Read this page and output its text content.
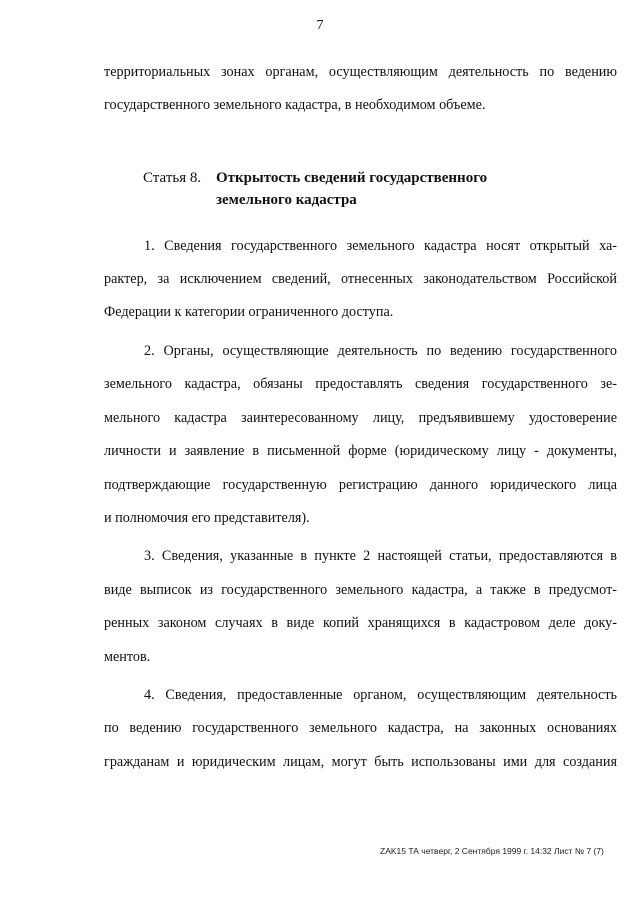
7
территориальных зонах органам, осуществляющим деятельность по ведению
государственного земельного кадастра, в необходимом объеме.
Статья 8. Открытость сведений государственного
земельного кадастра
1. Сведения государственного земельного кадастра носят открытый ха-
рактер, за исключением сведений, отнесенных законодательством Российской
Федерации к категории ограниченного доступа.
2. Органы, осуществляющие деятельность по ведению государственного
земельного кадастра, обязаны предоставлять сведения государственного зе-
мельного кадастра заинтересованному лицу, предъявившему удостоверение
личности и заявление в письменной форме (юридическому лицу - документы,
подтверждающие государственную регистрацию данного юридического лица
и полномочия его представителя).
3. Сведения, указанные в пункте 2 настоящей статьи, предоставляются в
виде выписок из государственного земельного кадастра, а также в предусмот-
ренных законом случаях в виде копий хранящихся в кадастровом деле доку-
ментов.
4. Сведения, предоставленные органом, осуществляющим деятельность
по ведению государственного земельного кадастра, на законных основаниях
гражданам и юридическим лицам, могут быть использованы ими для создания
ZAK15 ТА четверг, 2 Сентября 1999 г. 14:32 Лист № 7 (7)
